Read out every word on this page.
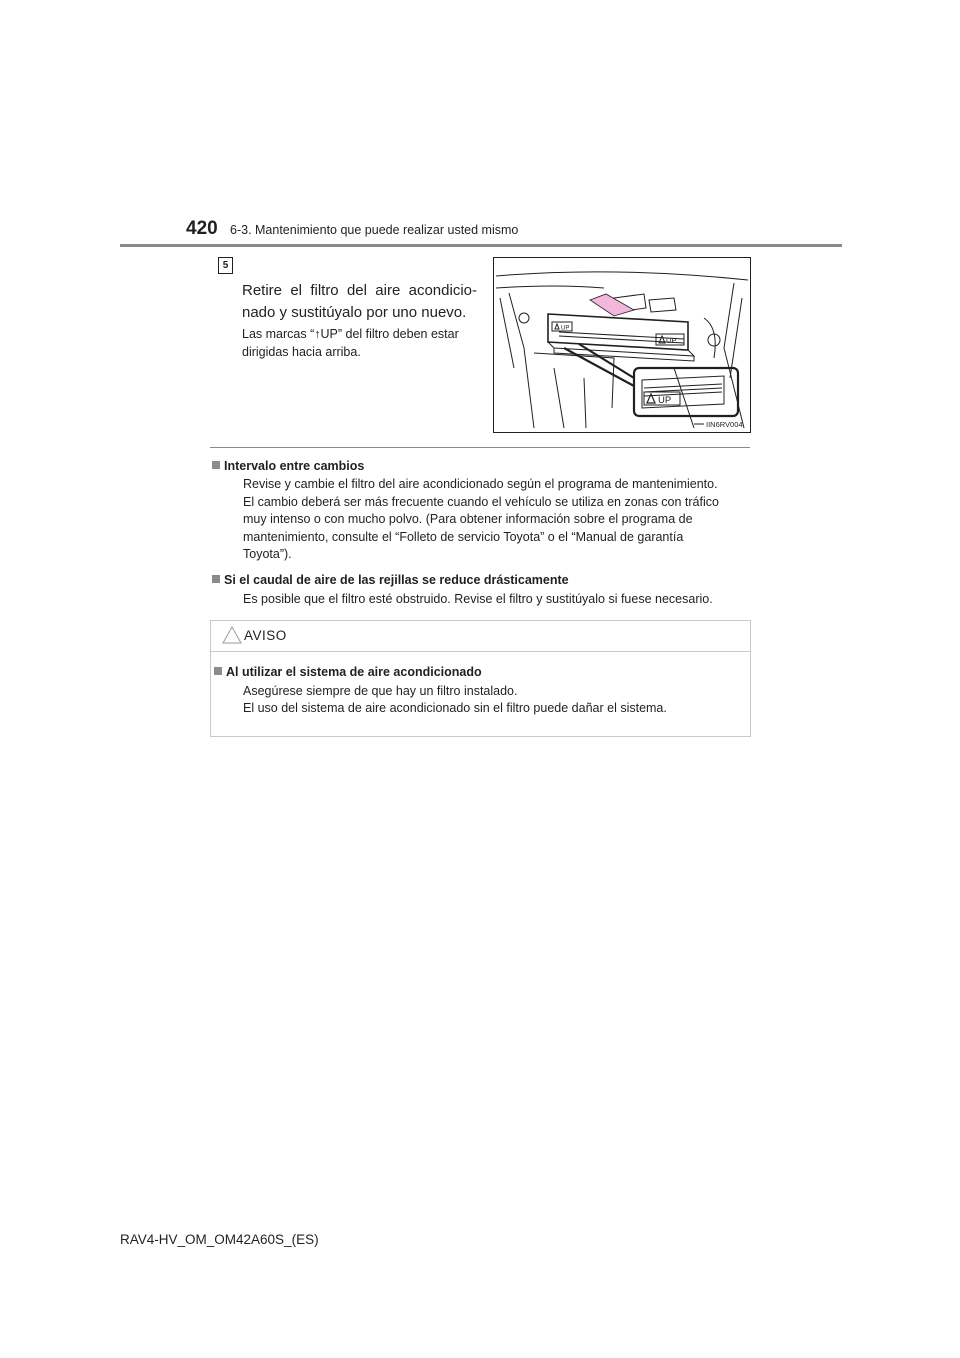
420 6-3. Mantenimiento que puede realizar usted mismo
5
Retire el filtro del aire acondicio-nado y sustitúyalo por uno nuevo.
Las marcas “↑UP” del filtro deben estar
dirigidas hacia arriba.
UP
UP
UP
IIN6RV004
Intervalo entre cambios
Revise y cambie el filtro del aire acondicionado según el programa de mantenimiento.
El cambio deberá ser más frecuente cuando el vehículo se utiliza en zonas con tráfico
muy intenso o con mucho polvo. (Para obtener información sobre el programa de
mantenimiento, consulte el “Folleto de servicio Toyota” o el “Manual de garantía
Toyota”).
Si el caudal de aire de las rejillas se reduce drásticamente
Es posible que el filtro esté obstruido. Revise el filtro y sustitúyalo si fuese necesario.
AVISO
Al utilizar el sistema de aire acondicionado
Asegúrese siempre de que hay un filtro instalado.
El uso del sistema de aire acondicionado sin el filtro puede dañar el sistema.
RAV4-HV_OM_OM42A60S_(ES)
